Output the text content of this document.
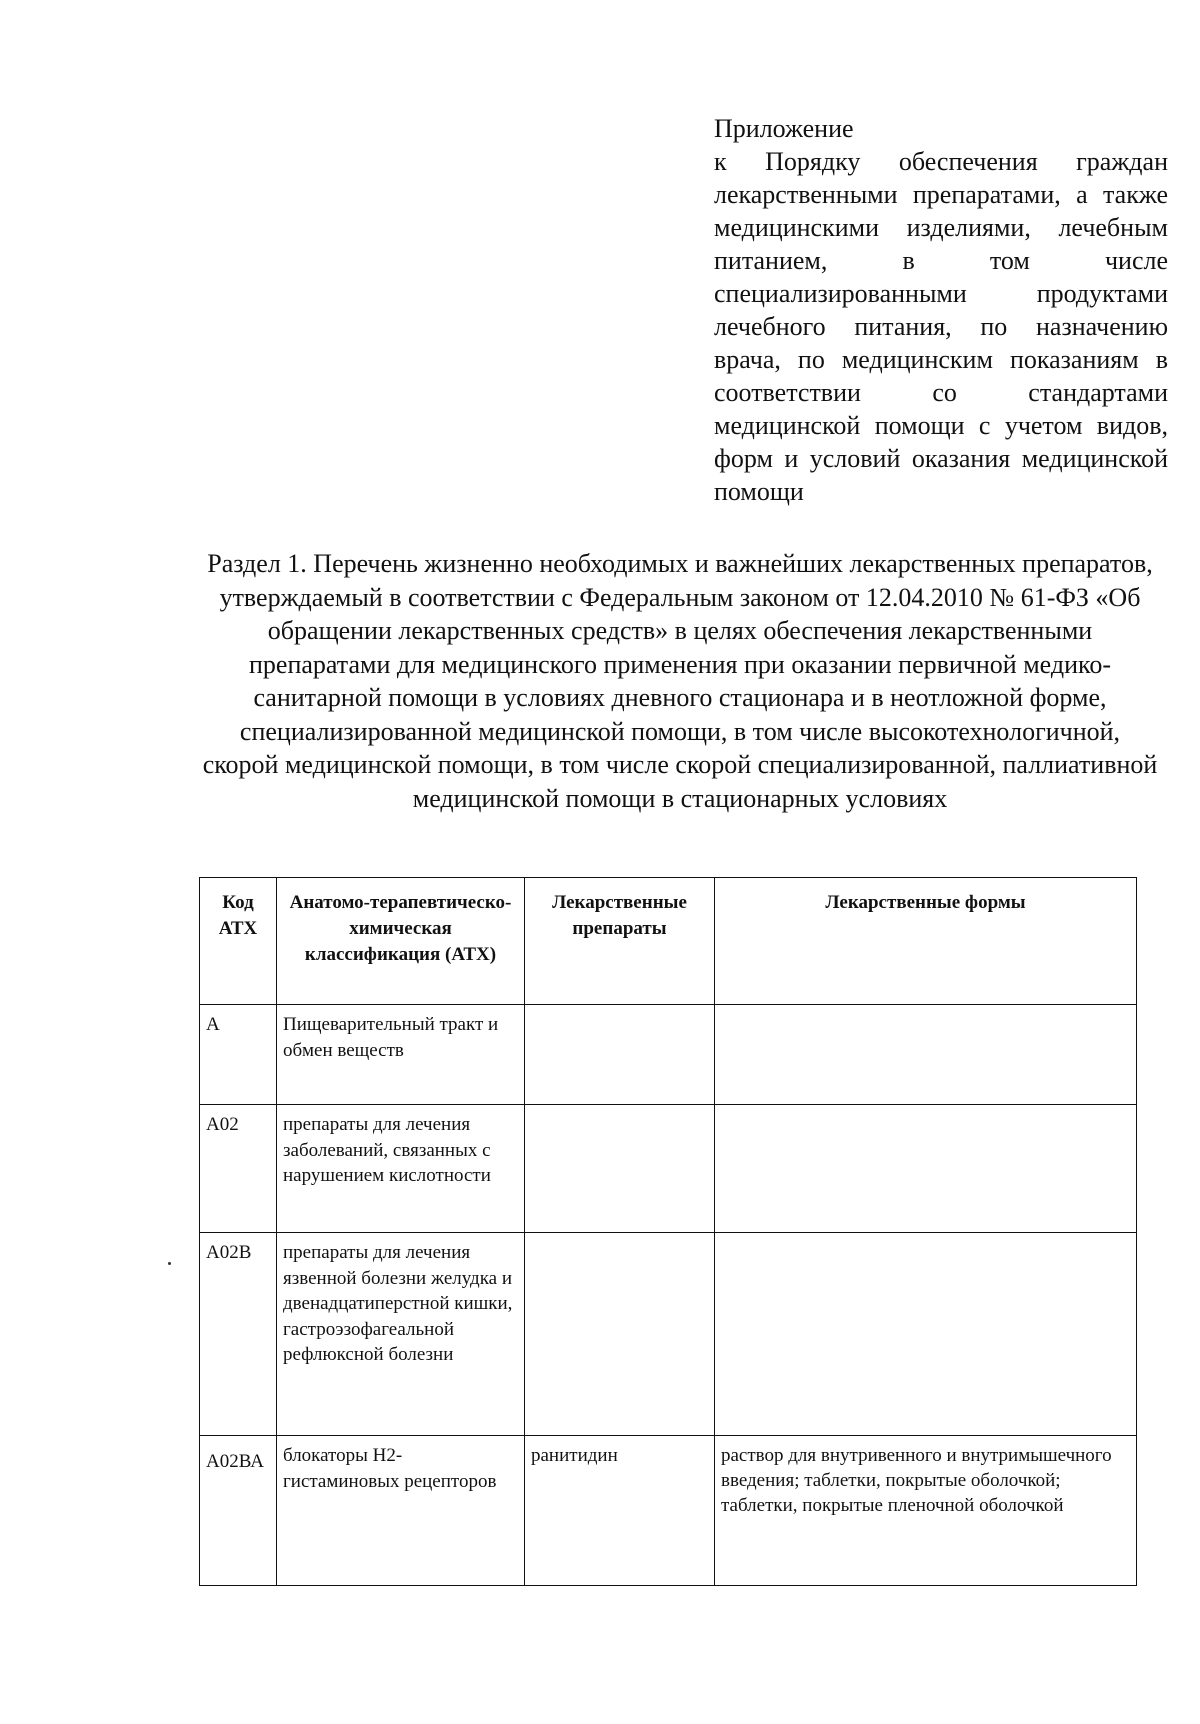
Приложение
к Порядку обеспечения граждан лекарственными препаратами, а также медицинскими изделиями, лечебным питанием, в том числе специализированными продуктами лечебного питания, по назначению врача, по медицинским показаниям в соответствии со стандартами медицинской помощи с учетом видов, форм и условий оказания медицинской помощи
Раздел 1. Перечень жизненно необходимых и важнейших лекарственных препаратов, утверждаемый в соответствии с Федеральным законом от 12.04.2010 № 61-ФЗ «Об обращении лекарственных средств» в целях обеспечения лекарственными препаратами для медицинского применения при оказании первичной медико-санитарной помощи в условиях дневного стационара и в неотложной форме, специализированной медицинской помощи, в том числе высокотехнологичной, скорой медицинской помощи, в том числе скорой специализированной, паллиативной медицинской помощи в стационарных условиях
Код АТХ	Анатомо-терапевтическо-химическая классификация (АТХ)	Лекарственные препараты	Лекарственные формы
А	Пищеварительный тракт и обмен веществ		
А02	препараты для лечения заболеваний, связанных с нарушением кислотности		
А02В	препараты для лечения язвенной болезни желудка и двенадцатиперстной кишки, гастроэзофагеальной рефлюксной болезни		
А02ВА	блокаторы Н2-гистаминовых рецепторов	ранитидин	раствор для внутривенного и внутримышечного введения; таблетки, покрытые оболочкой; таблетки, покрытые пленочной оболочкой
